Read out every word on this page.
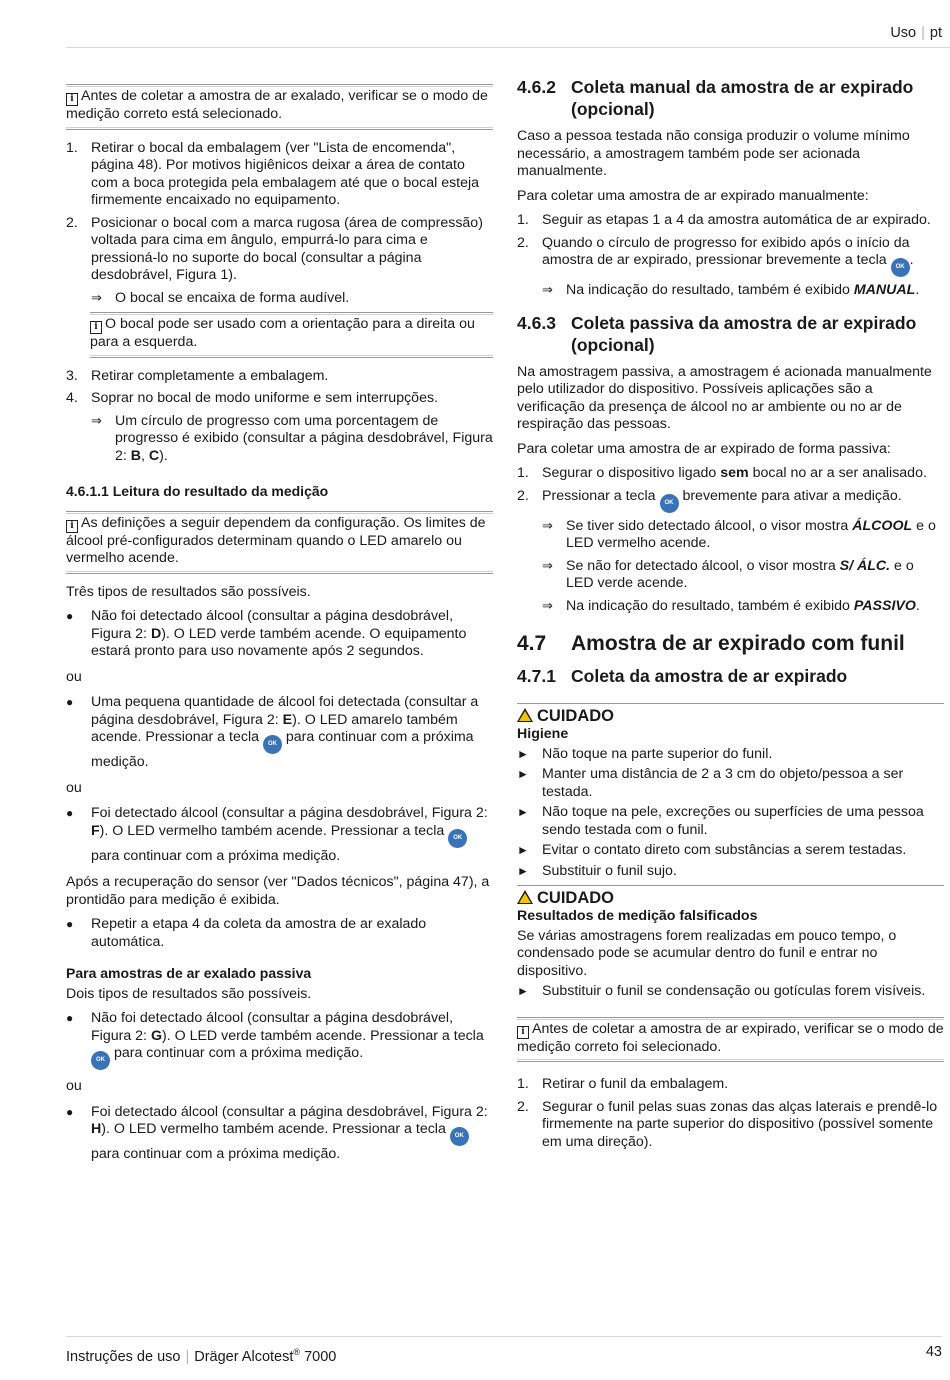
Uso | pt
i Antes de coletar a amostra de ar exalado, verificar se o modo de medição correto está selecionado.
1. Retirar o bocal da embalagem (ver "Lista de encomenda", página 48). Por motivos higiênicos deixar a área de contato com a boca protegida pela embalagem até que o bocal esteja firmemente encaixado no equipamento.
2. Posicionar o bocal com a marca rugosa (área de compressão) voltada para cima em ângulo, empurrá-lo para cima e pressioná-lo no suporte do bocal (consultar a página desdobrável, Figura 1).
⇒ O bocal se encaixa de forma audível.
i O bocal pode ser usado com a orientação para a direita ou para a esquerda.
3. Retirar completamente a embalagem.
4. Soprar no bocal de modo uniforme e sem interrupções.
⇒ Um círculo de progresso com uma porcentagem de progresso é exibido (consultar a página desdobrável, Figura 2: B, C).
4.6.1.1 Leitura do resultado da medição
i As definições a seguir dependem da configuração. Os limites de álcool pré-configurados determinam quando o LED amarelo ou vermelho acende.

Três tipos de resultados são possíveis.

● Não foi detectado álcool (consultar a página desdobrável, Figura 2: D). O LED verde também acende. O equipamento estará pronto para uso novamente após 2 segundos.
ou
● Uma pequena quantidade de álcool foi detectada (consultar a página desdobrável, Figura 2: E). O LED amarelo também acende. Pressionar a tecla OK para continuar com a próxima medição.
ou
● Foi detectado álcool (consultar a página desdobrável, Figura 2: F). O LED vermelho também acende. Pressionar a tecla OK para continuar com a próxima medição.

Após a recuperação do sensor (ver "Dados técnicos", página 47), a prontidão para medição é exibida.

● Repetir a etapa 4 da coleta da amostra de ar exalado automática.
Para amostras de ar exalado passiva

Dois tipos de resultados são possíveis.

● Não foi detectado álcool (consultar a página desdobrável, Figura 2: G). O LED verde também acende. Pressionar a tecla OK para continuar com a próxima medição.
ou
● Foi detectado álcool (consultar a página desdobrável, Figura 2: H). O LED vermelho também acende. Pressionar a tecla OK para continuar com a próxima medição.
4.6.2 Coleta manual da amostra de ar expirado (opcional)

Caso a pessoa testada não consiga produzir o volume mínimo necessário, a amostragem também pode ser acionada manualmente.

Para coletar uma amostra de ar expirado manualmente:

1. Seguir as etapas 1 a 4 da amostra automática de ar expirado.
2. Quando o círculo de progresso for exibido após o início da amostra de ar expirado, pressionar brevemente a tecla OK .
⇒ Na indicação do resultado, também é exibido MANUAL.
4.6.3 Coleta passiva da amostra de ar expirado (opcional)

Na amostragem passiva, a amostragem é acionada manualmente pelo utilizador do dispositivo. Possíveis aplicações são a verificação da presença de álcool no ar ambiente ou no ar de respiração das pessoas.

Para coletar uma amostra de ar expirado de forma passiva:

1. Segurar o dispositivo ligado sem bocal no ar a ser analisado.
2. Pressionar a tecla OK brevemente para ativar a medição.
⇒ Se tiver sido detectado álcool, o visor mostra ÁLCOOL e o LED vermelho acende.
⇒ Se não for detectado álcool, o visor mostra S/ ÁLC. e o LED verde acende.
⇒ Na indicação do resultado, também é exibido PASSIVO.
4.7 Amostra de ar expirado com funil
4.7.1 Coleta da amostra de ar expirado
CUIDADO
Higiene
► Não toque na parte superior do funil.
► Manter uma distância de 2 a 3 cm do objeto/pessoa a ser testada.
► Não toque na pele, excreções ou superfícies de uma pessoa sendo testada com o funil.
► Evitar o contato direto com substâncias a serem testadas.
► Substituir o funil sujo.
CUIDADO
Resultados de medição falsificados

Se várias amostragens forem realizadas em pouco tempo, o condensado pode se acumular dentro do funil e entrar no dispositivo.

► Substituir o funil se condensação ou gotículas forem visíveis.
i Antes de coletar a amostra de ar expirado, verificar se o modo de medição correto foi selecionado.
1. Retirar o funil da embalagem.
2. Segurar o funil pelas suas zonas das alças laterais e prendê-lo firmemente na parte superior do dispositivo (possível somente em uma direção).
Instruções de uso | Dräger Alcotest® 7000	43
